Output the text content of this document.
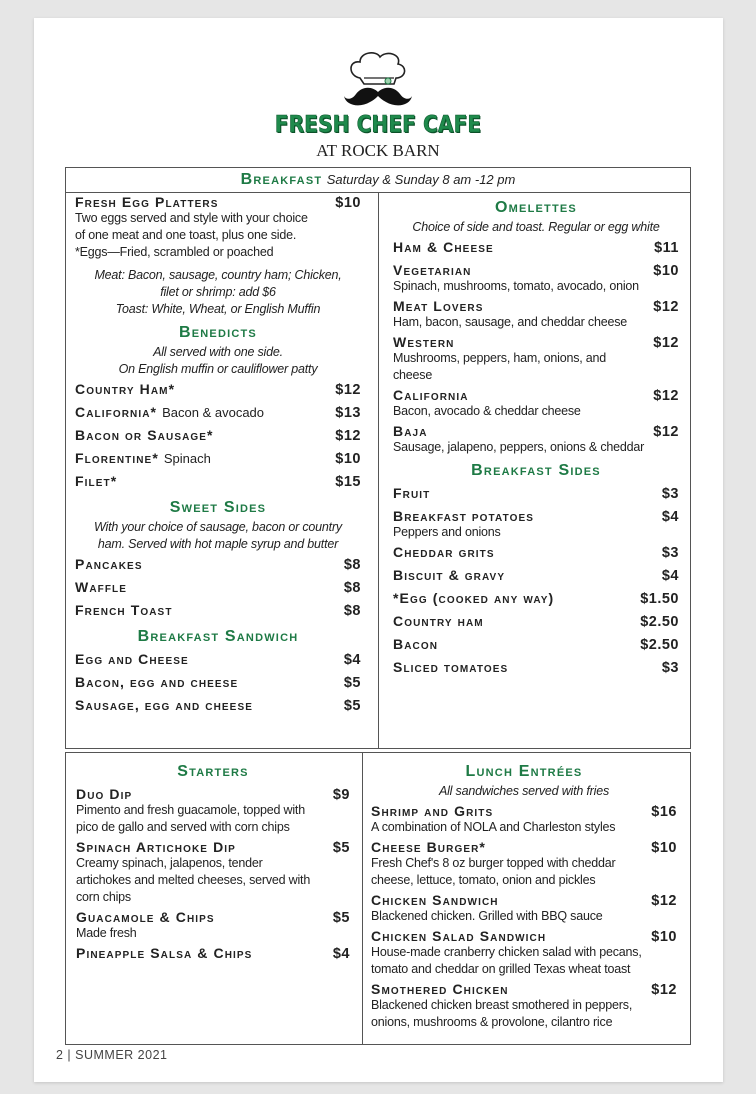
FRESH CHEF CAFE
AT ROCK BARN
Breakfast Saturday & Sunday 8 am -12 pm
Fresh Egg Platters	$10
Two eggs served and style with your choice
of one meat and one toast, plus one side.
*Eggs—Fried, scrambled or poached
Meat: Bacon, sausage, country ham; Chicken,
filet or shrimp: add $6
Toast: White, Wheat, or English Muffin
Benedicts
All served with one side.
On English muffin or cauliflower patty
Country Ham*	$12
California* Bacon & avocado	$13
Bacon or Sausage*	$12
Florentine* Spinach	$10
Filet*	$15
Sweet Sides
With your choice of sausage, bacon or country
ham. Served with hot maple syrup and butter
Pancakes	$8
Waffle	$8
French Toast	$8
Breakfast Sandwich
Egg and Cheese	$4
Bacon, egg and cheese	$5
Sausage, egg and cheese	$5
Omelettes
Choice of side and toast. Regular or egg white
Ham & Cheese	$11
Vegetarian	$10
Spinach, mushrooms, tomato, avocado, onion
Meat Lovers	$12
Ham, bacon, sausage, and cheddar cheese
Western	$12
Mushrooms, peppers, ham, onions, and
cheese
California	$12
Bacon, avocado & cheddar cheese
Baja	$12
Sausage, jalapeno, peppers, onions & cheddar
Breakfast Sides
Fruit	$3
Breakfast potatoes	$4
Peppers and onions
Cheddar grits	$3
Biscuit & gravy	$4
*Egg (cooked any way)	$1.50
Country ham	$2.50
Bacon	$2.50
Sliced tomatoes	$3
Starters
Duo Dip	$9
Pimento and fresh guacamole, topped with
pico de gallo and served with corn chips
Spinach Artichoke Dip	$5
Creamy spinach, jalapenos, tender
artichokes and melted cheeses, served with
corn chips
Guacamole & Chips	$5
Made fresh
Pineapple Salsa & Chips	$4
Lunch Entrées
All sandwiches served with fries
Shrimp and Grits	$16
A combination of NOLA and Charleston styles
Cheese Burger*	$10
Fresh Chef's 8 oz burger topped with cheddar
cheese, lettuce, tomato, onion and pickles
Chicken Sandwich	$12
Blackened chicken. Grilled with BBQ sauce
Chicken Salad Sandwich	$10
House-made cranberry chicken salad with pecans,
tomato and cheddar on grilled Texas wheat toast
Smothered Chicken	$12
Blackened chicken breast smothered in peppers,
onions, mushrooms & provolone, cilantro rice
2 | SUMMER 2021
